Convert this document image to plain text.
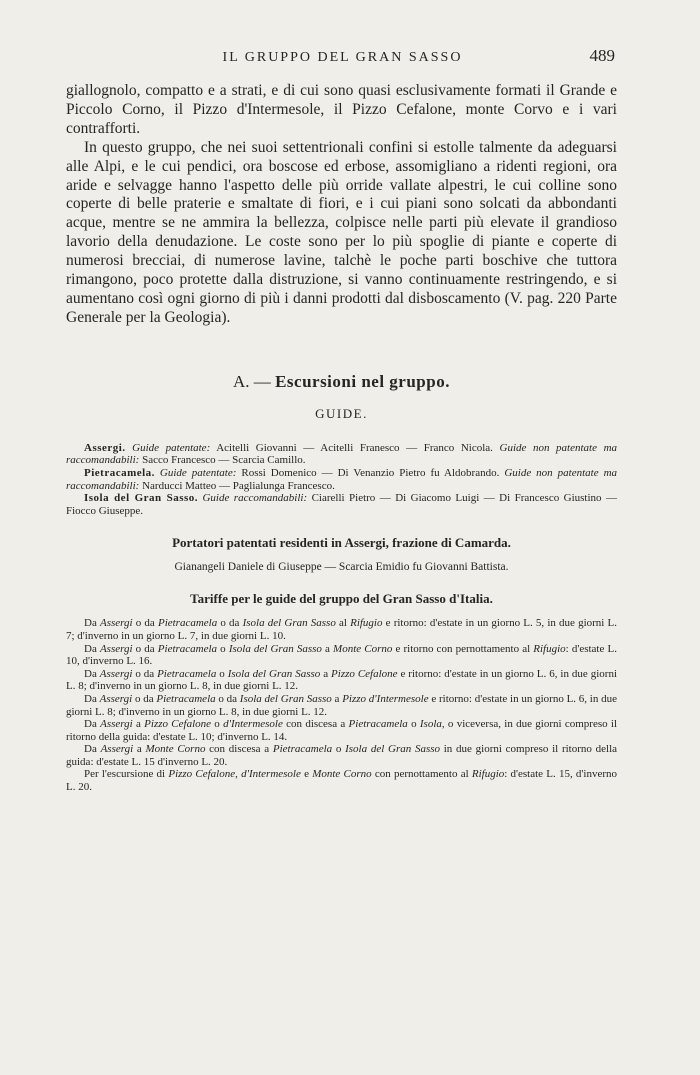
IL GRUPPO DEL GRAN SASSO	489

giallognolo, compatto e a strati, e di cui sono quasi esclusivamente formati il Grande e Piccolo Corno, il Pizzo d'Intermesole, il Pizzo Cefalone, monte Corvo e i vari contrafforti.

In questo gruppo, che nei suoi settentrionali confini si estolle talmente da adeguarsi alle Alpi, e le cui pendici, ora boscose ed erbose, assomigliano a ridenti regioni, ora aride e selvagge hanno l'aspetto delle più orride vallate alpestri, le cui colline sono coperte di belle praterie e smaltate di fiori, e i cui piani sono solcati da abbondanti acque, mentre se ne ammira la bellezza, colpisce nelle parti più elevate il grandioso lavorio della denudazione. Le coste sono per lo più spoglie di piante e coperte di numerosi brecciai, di numerose lavine, talchè le poche parti boschive che tuttora rimangono, poco protette dalla distruzione, si vanno continuamente restringendo, e si aumentano così ogni giorno di più i danni prodotti dal disboscamento (V. pag. 220 Parte Generale per la Geologia).

A. — Escursioni nel gruppo.
GUIDE.

Assergi. Guide patentate: Acitelli Giovanni — Acitelli Franesco — Franco Nicola. Guide non patentate ma raccomandabili: Sacco Francesco — Scarcia Camillo.

Pietracamela. Guide patentate: Rossi Domenico — Di Venanzio Pietro fu Aldobrando. Guide non patentate ma raccomandabili: Narducci Matteo — Paglialunga Francesco.

Isola del Gran Sasso. Guide raccomandabili: Ciarelli Pietro — Di Giacomo Luigi — Di Francesco Giustino — Fiocco Giuseppe.

Portatori patentati residenti in Assergi, frazione di Camarda.

Gianangeli Daniele di Giuseppe — Scarcia Emidio fu Giovanni Battista.

Tariffe per le guide del gruppo del Gran Sasso d'Italia.

Da Assergi o da Pietracamela o da Isola del Gran Sasso al Rifugio e ritorno: d'estate in un giorno L. 5, in due giorni L. 7; d'inverno in un giorno L. 7, in due giorni L. 10.

Da Assergi o da Pietracamela o Isola del Gran Sasso a Monte Corno e ritorno con pernottamento al Rifugio: d'estate L. 10, d'inverno L. 16.

Da Assergi o da Pietracamela o Isola del Gran Sasso a Pizzo Cefalone e ritorno: d'estate in un giorno L. 6, in due giorni L. 8; d'inverno in un giorno L. 8, in due giorni L. 12.

Da Assergi o da Pietracamela o da Isola del Gran Sasso a Pizzo d'Intermesole e ritorno: d'estate in un giorno L. 6, in due giorni L. 8; d'inverno in un giorno L. 8, in due giorni L. 12.

Da Assergi a Pizzo Cefalone o d'Intermesole con discesa a Pietracamela o Isola, o viceversa, in due giorni compreso il ritorno della guida: d'estate L. 10; d'inverno L. 14.

Da Assergi a Monte Corno con discesa a Pietracamela o Isola del Gran Sasso in due giorni compreso il ritorno della guida: d'estate L. 15 d'inverno L. 20.

Per l'escursione di Pizzo Cefalone, d'Intermesole e Monte Corno con pernottamento al Rifugio: d'estate L. 15, d'inverno L. 20.
